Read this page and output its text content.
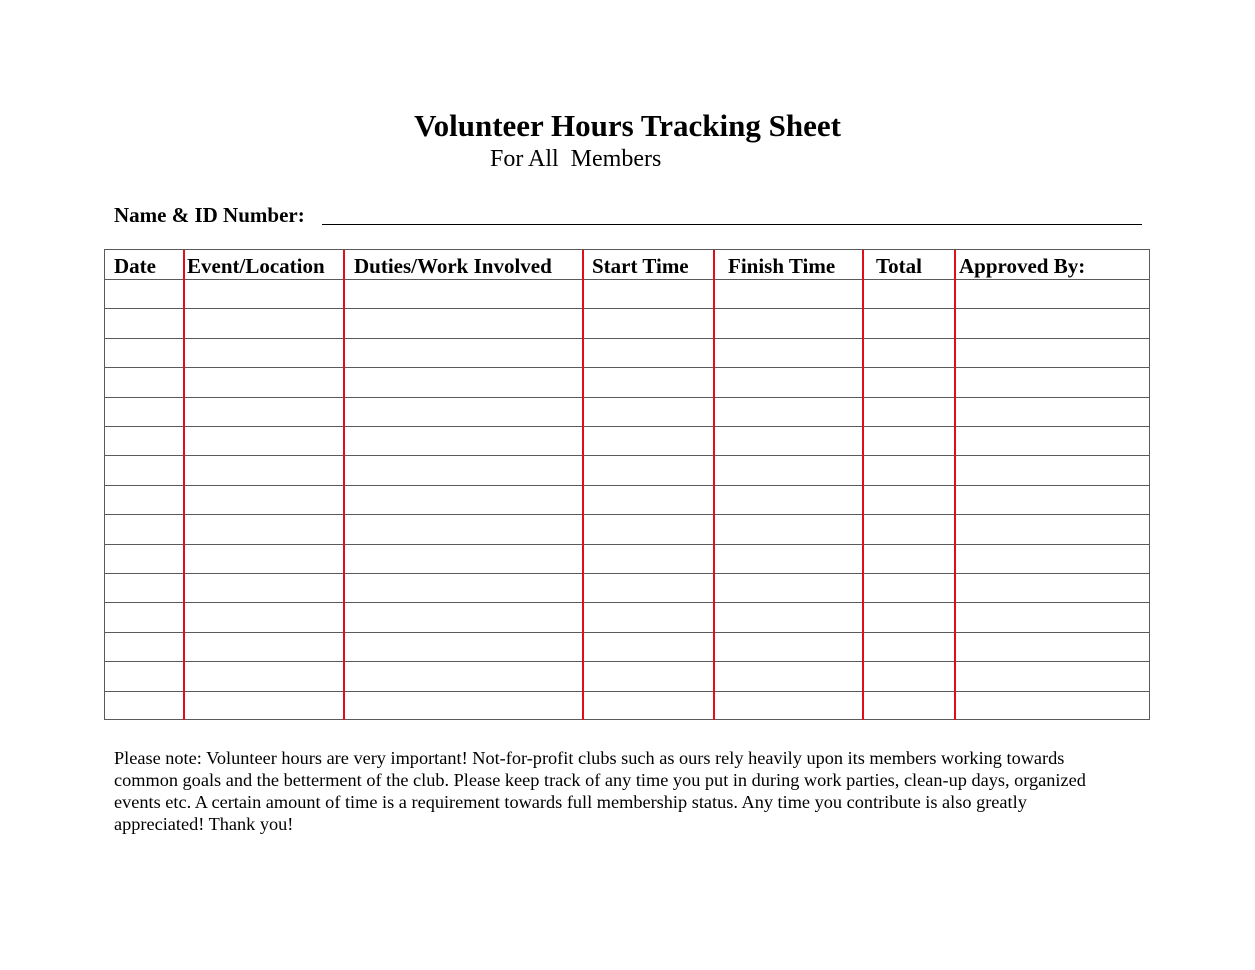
Volunteer Hours Tracking Sheet
For All  Members
Name & ID Number:
Date Event/Location Duties/Work Involved Start Time Finish Time Total Approved By:
Please note: Volunteer hours are very important! Not-for-profit clubs such as ours rely heavily upon its members working towards
common goals and the betterment of the club. Please keep track of any time you put in during work parties, clean-up days, organized
events etc. A certain amount of time is a requirement towards full membership status. Any time you contribute is also greatly
appreciated! Thank you!
